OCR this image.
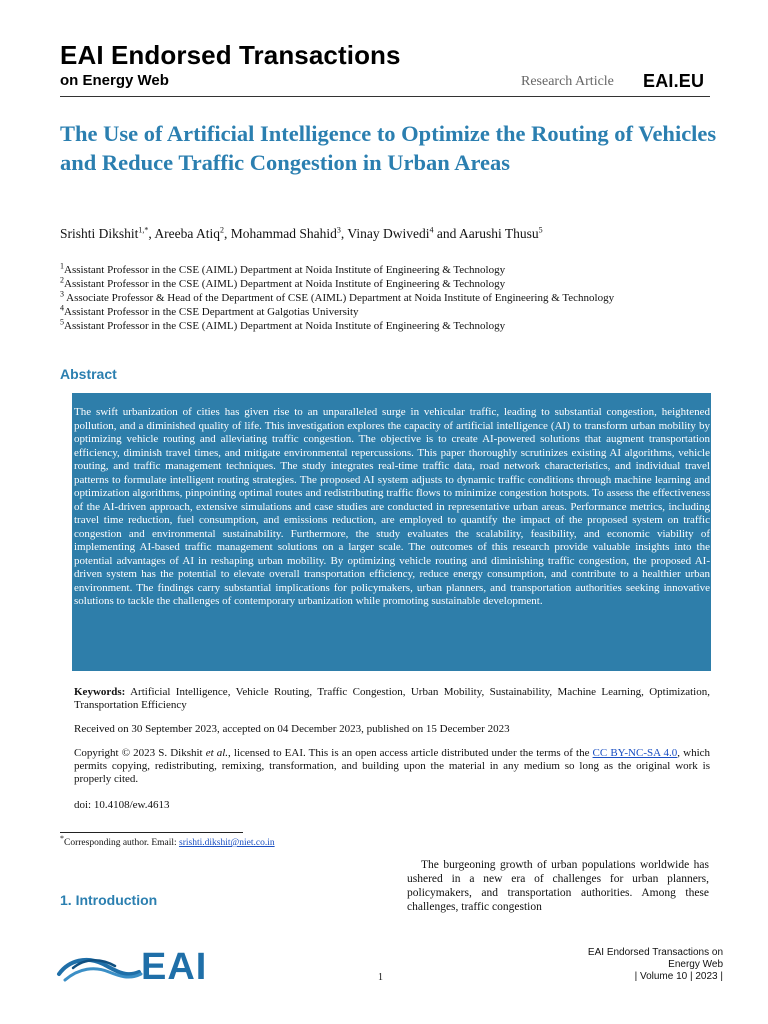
EAI Endorsed Transactions
on Energy Web	Research Article EAI.EU
The Use of Artificial Intelligence to Optimize the Routing of Vehicles and Reduce Traffic Congestion in Urban Areas
Srishti Dikshit$^{1,*}$, Areeba Atiq$^2$, Mohammad Shahid$^3$, Vinay Dwivedi$^4$ and Aarushi Thusu$^5$
$^1$Assistant Professor in the CSE (AIML) Department at Noida Institute of Engineering & Technology
$^2$Assistant Professor in the CSE (AIML) Department at Noida Institute of Engineering & Technology
$^3$ Associate Professor & Head of the Department of CSE (AIML) Department at Noida Institute of Engineering & Technology
$^4$Assistant Professor in the CSE Department at Galgotias University
$^5$Assistant Professor in the CSE (AIML) Department at Noida Institute of Engineering & Technology
Abstract
The swift urbanization of cities has given rise to an unparalleled surge in vehicular traffic, leading to substantial congestion, heightened pollution, and a diminished quality of life. This investigation explores the capacity of artificial intelligence (AI) to transform urban mobility by optimizing vehicle routing and alleviating traffic congestion. The objective is to create AI-powered solutions that augment transportation efficiency, diminish travel times, and mitigate environmental repercussions. This paper thoroughly scrutinizes existing AI algorithms, vehicle routing, and traffic management techniques. The study integrates real-time traffic data, road network characteristics, and individual travel patterns to formulate intelligent routing strategies. The proposed AI system adjusts to dynamic traffic conditions through machine learning and optimization algorithms, pinpointing optimal routes and redistributing traffic flows to minimize congestion hotspots. To assess the effectiveness of the AI-driven approach, extensive simulations and case studies are conducted in representative urban areas. Performance metrics, including travel time reduction, fuel consumption, and emissions reduction, are employed to quantify the impact of the proposed system on traffic congestion and environmental sustainability. Furthermore, the study evaluates the scalability, feasibility, and economic viability of implementing AI-based traffic management solutions on a larger scale. The outcomes of this research provide valuable insights into the potential advantages of AI in reshaping urban mobility. By optimizing vehicle routing and diminishing traffic congestion, the proposed AI-driven system has the potential to elevate overall transportation efficiency, reduce energy consumption, and contribute to a healthier urban environment. The findings carry substantial implications for policymakers, urban planners, and transportation authorities seeking innovative solutions to tackle the challenges of contemporary urbanization while promoting sustainable development.
Keywords: Artificial Intelligence, Vehicle Routing, Traffic Congestion, Urban Mobility, Sustainability, Machine Learning, Optimization, Transportation Efficiency
Received on 30 September 2023, accepted on 04 December 2023, published on 15 December 2023
Copyright © 2023 S. Dikshit et al., licensed to EAI. This is an open access article distributed under the terms of the CC BY-NC-SA 4.0, which permits copying, redistributing, remixing, transformation, and building upon the material in any medium so long as the original work is properly cited.
doi: 10.4108/ew.4613
*Corresponding author. Email: srishti.dikshit@niet.co.in
1. Introduction
The burgeoning growth of urban populations worldwide has ushered in a new era of challenges for urban planners, policymakers, and transportation authorities. Among these challenges, traffic congestion
EAI	1
EAI Endorsed Transactions on
Energy Web
| Volume 10 | 2023 |
